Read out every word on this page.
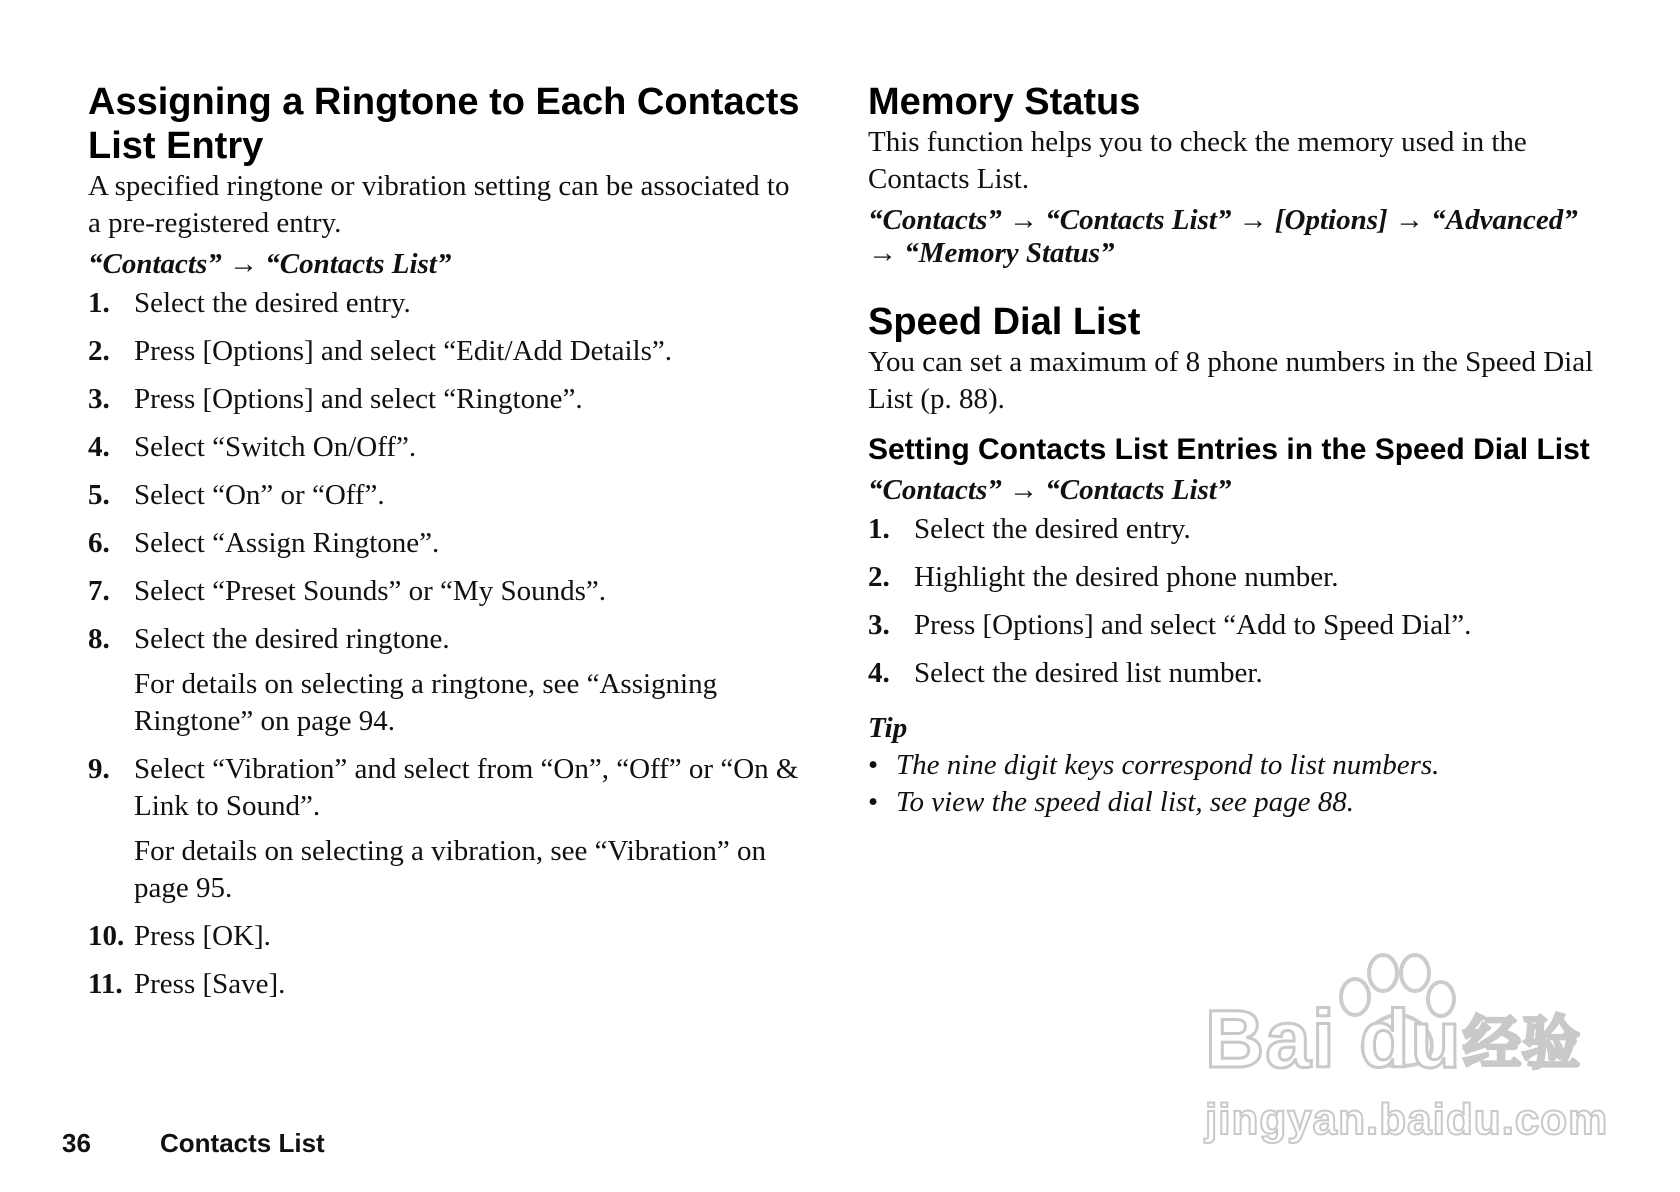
Assigning a Ringtone to Each Contacts List Entry

A specified ringtone or vibration setting can be associated to a pre-registered entry.

“Contacts” → “Contacts List”

1. Select the desired entry.
2. Press [Options] and select “Edit/Add Details”.
3. Press [Options] and select “Ringtone”.
4. Select “Switch On/Off”.
5. Select “On” or “Off”.
6. Select “Assign Ringtone”.
7. Select “Preset Sounds” or “My Sounds”.
8. Select the desired ringtone.
For details on selecting a ringtone, see “Assigning Ringtone” on page 94.
9. Select “Vibration” and select from “On”, “Off” or “On & Link to Sound”.
For details on selecting a vibration, see “Vibration” on page 95.
10. Press [OK].
11. Press [Save].
Memory Status

This function helps you to check the memory used in the Contacts List.

“Contacts” → “Contacts List” → [Options] → “Advanced” → “Memory Status”

Speed Dial List

You can set a maximum of 8 phone numbers in the Speed Dial List (p. 88).

Setting Contacts List Entries in the Speed Dial List

“Contacts” → “Contacts List”

1. Select the desired entry.
2. Highlight the desired phone number.
3. Press [Options] and select “Add to Speed Dial”.
4. Select the desired list number.

Tip

• The nine digit keys correspond to list numbers.
• To view the speed dial list, see page 88.
36	Contacts List
Bai du 经验
jingyan.baidu.com
